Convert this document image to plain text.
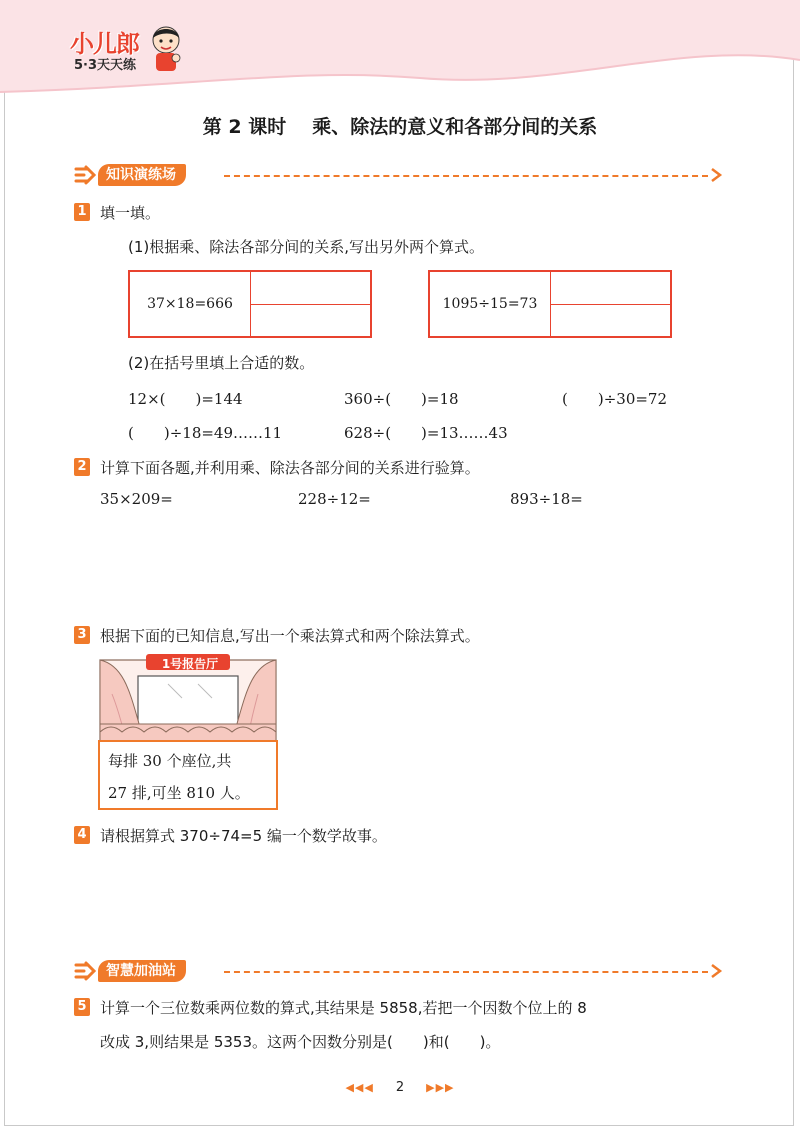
小儿郎
5·3天天练
第 2 课时 乘、除法的意义和各部分间的关系
知识演练场
1 填一填。
(1)根据乘、除法各部分间的关系,写出另外两个算式。
37×18=666	1095÷15=73
(2)在括号里填上合适的数。
12×(　　)=144	360÷(　　)=18	(　　)÷30=72
(　　)÷18=49……11	628÷(　　)=13……43
2 计算下面各题,并利用乘、除法各部分间的关系进行验算。
35×209=	228÷12=	893÷18=
3 根据下面的已知信息,写出一个乘法算式和两个除法算式。
1号报告厅
每排 30 个座位,共
27 排,可坐 810 人。
4 请根据算式 370÷74=5 编一个数学故事。
智慧加油站
5 计算一个三位数乘两位数的算式,其结果是 5858,若把一个因数个位上的 8
改成 3,则结果是 5353。这两个因数分别是(　　)和(　　)。
◀◀◀ 2 ▶▶▶
